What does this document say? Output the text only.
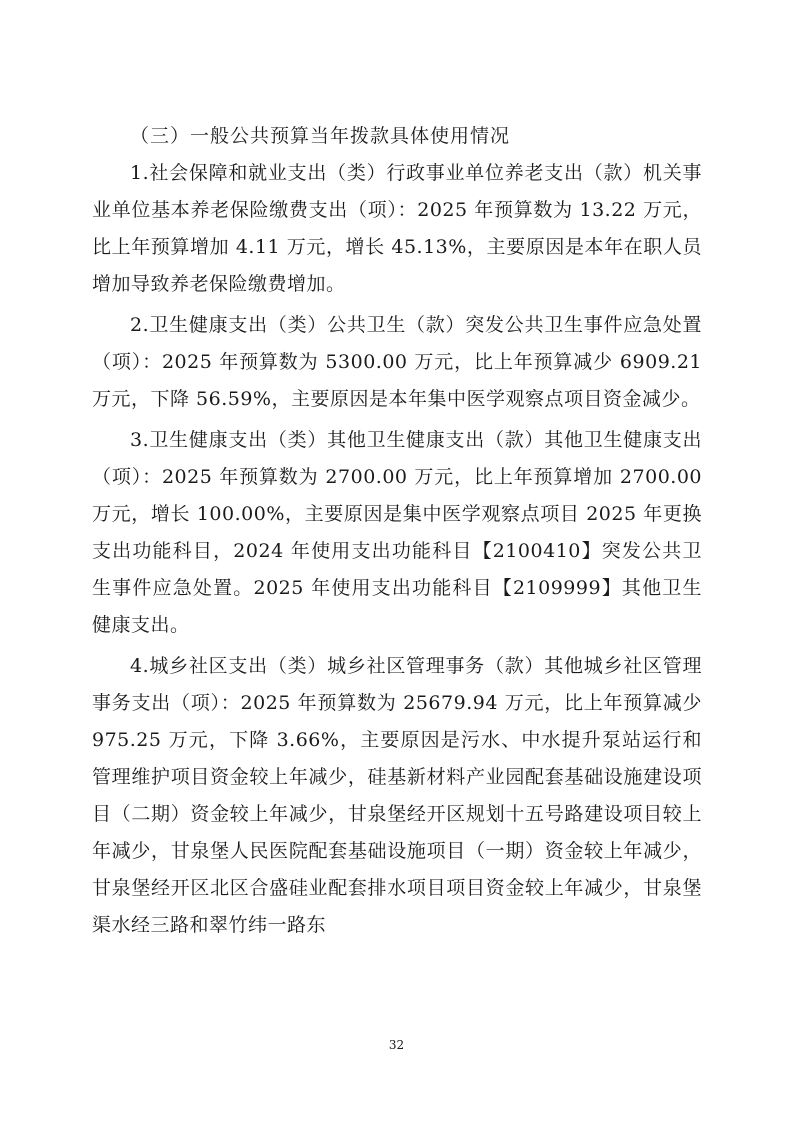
（三）一般公共预算当年拨款具体使用情况

1.社会保障和就业支出（类）行政事业单位养老支出（款）机关事业单位基本养老保险缴费支出（项）：2025 年预算数为 13.22 万元，比上年预算增加 4.11 万元，增长 45.13%，主要原因是本年在职人员增加导致养老保险缴费增加。

2.卫生健康支出（类）公共卫生（款）突发公共卫生事件应急处置（项）：2025 年预算数为 5300.00 万元，比上年预算减少 6909.21 万元，下降 56.59%，主要原因是本年集中医学观察点项目资金减少。

3.卫生健康支出（类）其他卫生健康支出（款）其他卫生健康支出（项）：2025 年预算数为 2700.00 万元，比上年预算增加 2700.00 万元，增长 100.00%，主要原因是集中医学观察点项目 2025 年更换支出功能科目，2024 年使用支出功能科目【2100410】突发公共卫生事件应急处置。2025 年使用支出功能科目【2109999】其他卫生健康支出。

4.城乡社区支出（类）城乡社区管理事务（款）其他城乡社区管理事务支出（项）：2025 年预算数为 25679.94 万元，比上年预算减少 975.25 万元，下降 3.66%，主要原因是污水、中水提升泵站运行和管理维护项目资金较上年减少，硅基新材料产业园配套基础设施建设项目（二期）资金较上年减少，甘泉堡经开区规划十五号路建设项目较上年减少，甘泉堡人民医院配套基础设施项目（一期）资金较上年减少，甘泉堡经开区北区合盛硅业配套排水项目项目资金较上年减少，甘泉堡渠水经三路和翠竹纬一路东

32
